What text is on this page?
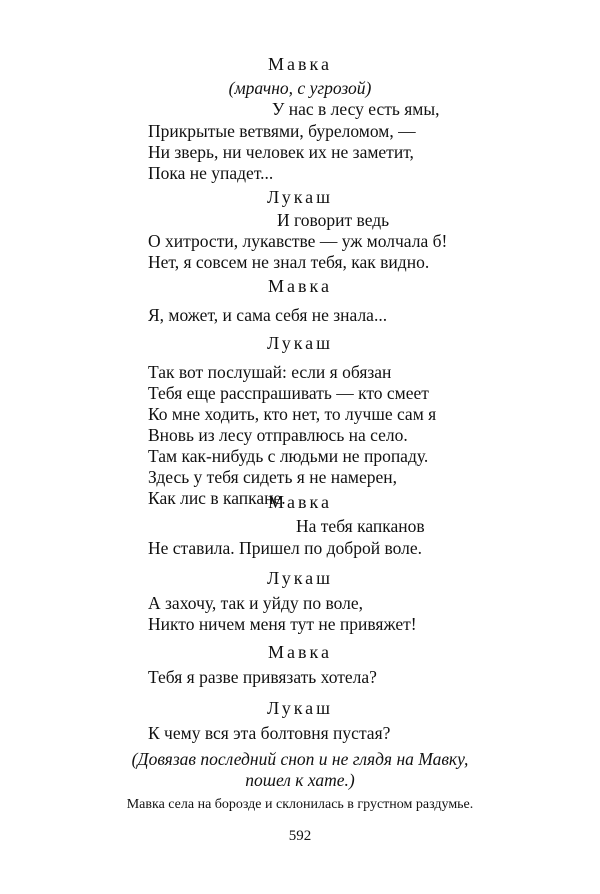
Мавка
(мрачно, с угрозой)
У нас в лесу есть ямы,
Прикрытые ветвями, буреломом, —
Ни зверь, ни человек их не заметит,
Пока не упадет...
Лукаш
И говорит ведь
О хитрости, лукавстве — уж молчала б!
Нет, я совсем не знал тебя, как видно.
Мавка
Я, может, и сама себя не знала...
Лукаш
Так вот послушай: если я обязан
Тебя еще расспрашивать — кто смеет
Ко мне ходить, кто нет, то лучше сам я
Вновь из лесу отправлюсь на село.
Там как-нибудь с людьми не пропаду.
Здесь у тебя сидеть я не намерен,
Как лис в капкане.
Мавка
На тебя капканов
Не ставила. Пришел по доброй воле.
Лукаш
А захочу, так и уйду по воле,
Никто ничем меня тут не привяжет!
Мавка
Тебя я разве привязать хотела?
Лукаш
К чему вся эта болтовня пустая?
(Довязав последний сноп и не глядя на Мавку,
пошел к хате.)
Мавка села на борозде и склонилась в грустном раздумье.
592
